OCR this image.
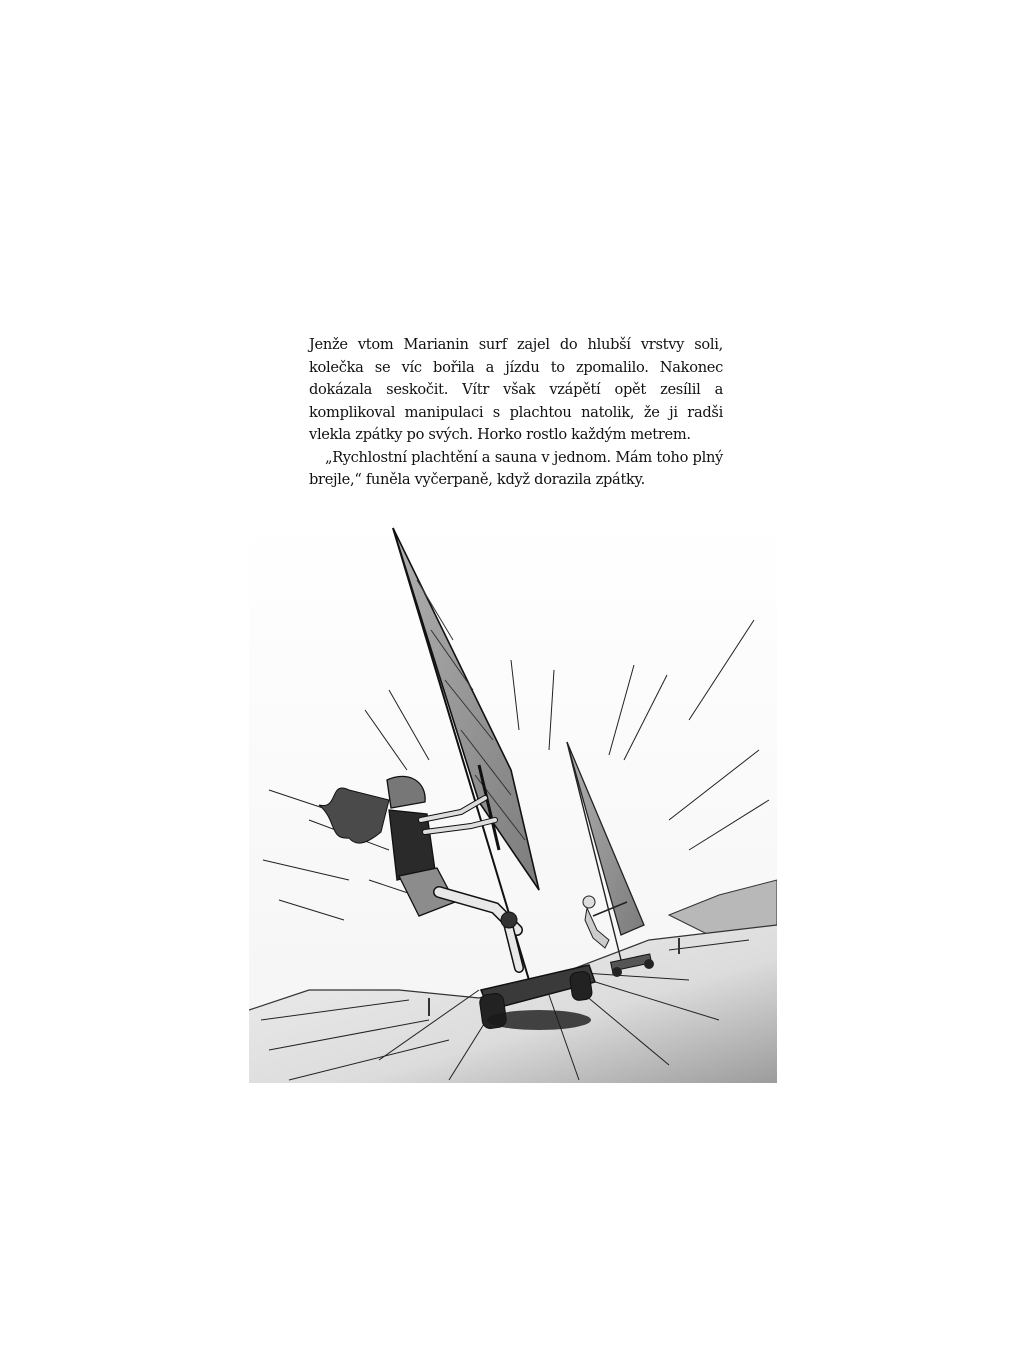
Jenže vtom Marianin surf zajel do hlubší vrstvy soli, kolečka se víc bořila a jízdu to zpomalilo. Nakonec dokázala seskočit. Vítr však vzápětí opět zesílil a komplikoval manipulaci s plachtou natolik, že ji radši vlekla zpátky po svých. Horko rostlo každým metrem.

„Rychlostní plachtění a sauna v jednom. Mám toho plný brejle,“ funěla vyčerpaně, když dorazila zpátky.
